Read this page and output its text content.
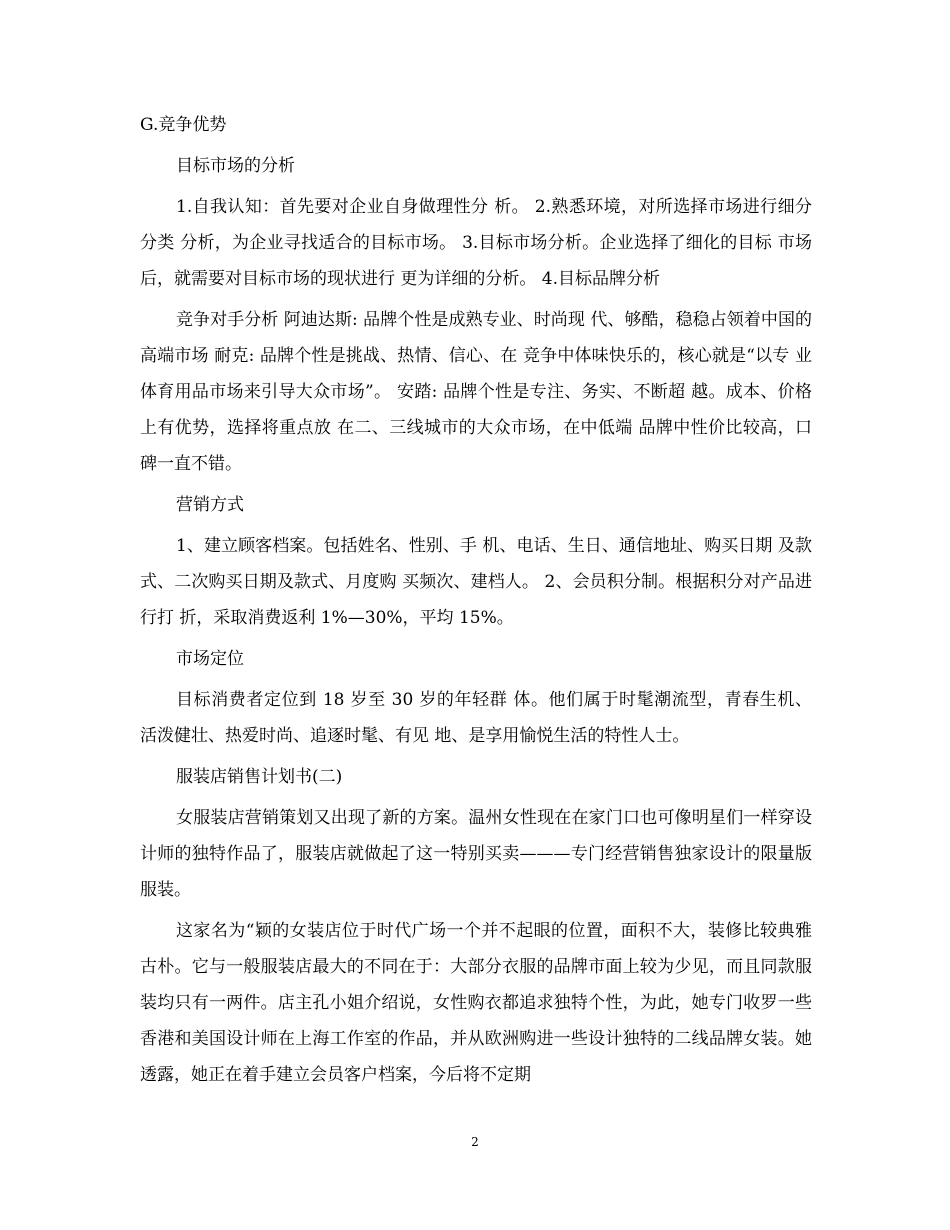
G.竞争优势

目标市场的分析

1.自我认知：首先要对企业自身做理性分 析。 2.熟悉环境，对所选择市场进行细分分类 分析，为企业寻找适合的目标市场。 3.目标市场分析。企业选择了细化的目标 市场后，就需要对目标市场的现状进行 更为详细的分析。 4.目标品牌分析

竞争对手分析 阿迪达斯: 品牌个性是成熟专业、时尚现 代、够酷，稳稳占领着中国的高端市场 耐克: 品牌个性是挑战、热情、信心、在 竞争中体味快乐的，核心就是“以专 业 体育用品市场来引导大众市场”。 安踏: 品牌个性是专注、务实、不断超 越。成本、价格上有优势，选择将重点放 在二、三线城市的大众市场，在中低端 品牌中性价比较高，口碑一直不错。

营销方式

1、建立顾客档案。包括姓名、性别、手 机、电话、生日、通信地址、购买日期 及款式、二次购买日期及款式、月度购 买频次、建档人。 2、会员积分制。根据积分对产品进行打 折，采取消费返利 1%—30%，平均 15%。

市场定位

目标消费者定位到 18 岁至 30 岁的年轻群 体。他们属于时髦潮流型，青春生机、 活泼健壮、热爱时尚、追逐时髦、有见 地、是享用愉悦生活的特性人士。

服装店销售计划书(二)

女服装店营销策划又出现了新的方案。温州女性现在在家门口也可像明星们一样穿设计师的独特作品了，服装店就做起了这一特别买卖———专门经营销售独家设计的限量版服装。

这家名为“颖的女装店位于时代广场一个并不起眼的位置，面积不大，装修比较典雅古朴。它与一般服装店最大的不同在于：大部分衣服的品牌市面上较为少见，而且同款服装均只有一两件。店主孔小姐介绍说，女性购衣都追求独特个性，为此，她专门收罗一些香港和美国设计师在上海工作室的作品，并从欧洲购进一些设计独特的二线品牌女装。她透露，她正在着手建立会员客户档案，今后将不定期

2
